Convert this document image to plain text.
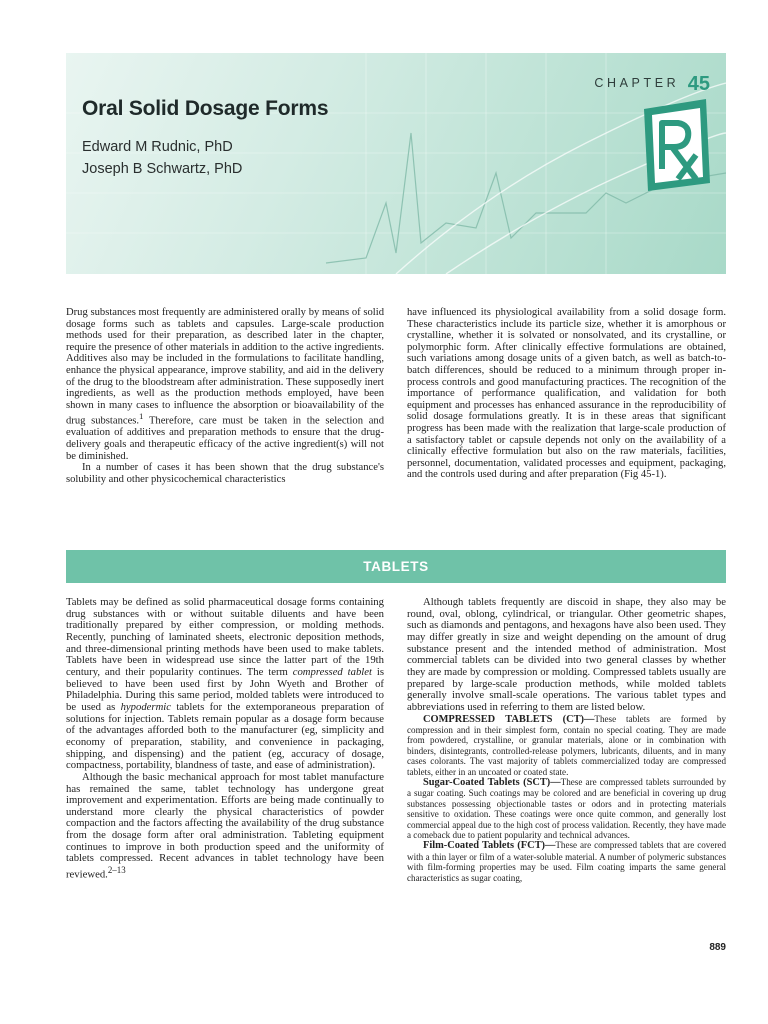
Oral Solid Dosage Forms

Edward M Rudnic, PhD

Joseph B Schwartz, PhD

CHAPTER 45

Drug substances most frequently are administered orally by means of solid dosage forms such as tablets and capsules. Large-scale production methods used for their preparation, as described later in the chapter, require the presence of other materials in addition to the active ingredients. Additives also may be included in the formulations to facilitate handling, enhance the physical appearance, improve stability, and aid in the delivery of the drug to the bloodstream after administration. These supposedly inert ingredients, as well as the production methods employed, have been shown in many cases to influence the absorption or bioavailability of the drug substances.$^1$ Therefore, care must be taken in the selection and evaluation of additives and preparation methods to ensure that the drug-delivery goals and therapeutic efficacy of the active ingredient(s) will not be diminished.

In a number of cases it has been shown that the drug substance's solubility and other physicochemical characteristics

have influenced its physiological availability from a solid dosage form. These characteristics include its particle size, whether it is amorphous or crystalline, whether it is solvated or nonsolvated, and its crystalline, or polymorphic form. After clinically effective formulations are obtained, such variations among dosage units of a given batch, as well as batch-to-batch differences, should be reduced to a minimum through proper in-process controls and good manufacturing practices. The recognition of the importance of performance qualification, and validation for both equipment and processes has enhanced assurance in the reproducibility of solid dosage formulations greatly. It is in these areas that significant progress has been made with the realization that large-scale production of a satisfactory tablet or capsule depends not only on the availability of a clinically effective formulation but also on the raw materials, facilities, personnel, documentation, validated processes and equipment, packaging, and the controls used during and after preparation (Fig 45-1).

TABLETS

Tablets may be defined as solid pharmaceutical dosage forms containing drug substances with or without suitable diluents and have been traditionally prepared by either compression, or molding methods. Recently, punching of laminated sheets, electronic deposition methods, and three-dimensional printing methods have been used to make tablets. Tablets have been in widespread use since the latter part of the 19th century, and their popularity continues. The term compressed tablet is believed to have been used first by John Wyeth and Brother of Philadelphia. During this same period, molded tablets were introduced to be used as hypodermic tablets for the extemporaneous preparation of solutions for injection. Tablets remain popular as a dosage form because of the advantages afforded both to the manufacturer (eg, simplicity and economy of preparation, stability, and convenience in packaging, shipping, and dispensing) and the patient (eg, accuracy of dosage, compactness, portability, blandness of taste, and ease of administration).

Although the basic mechanical approach for most tablet manufacture has remained the same, tablet technology has undergone great improvement and experimentation. Efforts are being made continually to understand more clearly the physical characteristics of powder compaction and the factors affecting the availability of the drug substance from the dosage form after oral administration. Tableting equipment continues to improve in both production speed and the uniformity of tablets compressed. Recent advances in tablet technology have been reviewed.$^{2-13}$

Although tablets frequently are discoid in shape, they also may be round, oval, oblong, cylindrical, or triangular. Other geometric shapes, such as diamonds and pentagons, and hexagons have also been used. They may differ greatly in size and weight depending on the amount of drug substance present and the intended method of administration. Most commercial tablets can be divided into two general classes by whether they are made by compression or molding. Compressed tablets usually are prepared by large-scale production methods, while molded tablets generally involve small-scale operations. The various tablet types and abbreviations used in referring to them are listed below.

COMPRESSED TABLETS (CT)—These tablets are formed by compression and in their simplest form, contain no special coating. They are made from powdered, crystalline, or granular materials, alone or in combination with binders, disintegrants, controlled-release polymers, lubricants, diluents, and in many cases colorants. The vast majority of tablets commercialized today are compressed tablets, either in an uncoated or coated state.

Sugar-Coated Tablets (SCT)—These are compressed tablets surrounded by a sugar coating. Such coatings may be colored and are beneficial in covering up drug substances possessing objectionable tastes or odors and in protecting materials sensitive to oxidation. These coatings were once quite common, and generally lost commercial appeal due to the high cost of process validation. Recently, they have made a comeback due to patient popularity and technical advances.

Film-Coated Tablets (FCT)—These are compressed tablets that are covered with a thin layer or film of a water-soluble material. A number of polymeric substances with film-forming properties may be used. Film coating imparts the same general characteristics as sugar coating,

889
